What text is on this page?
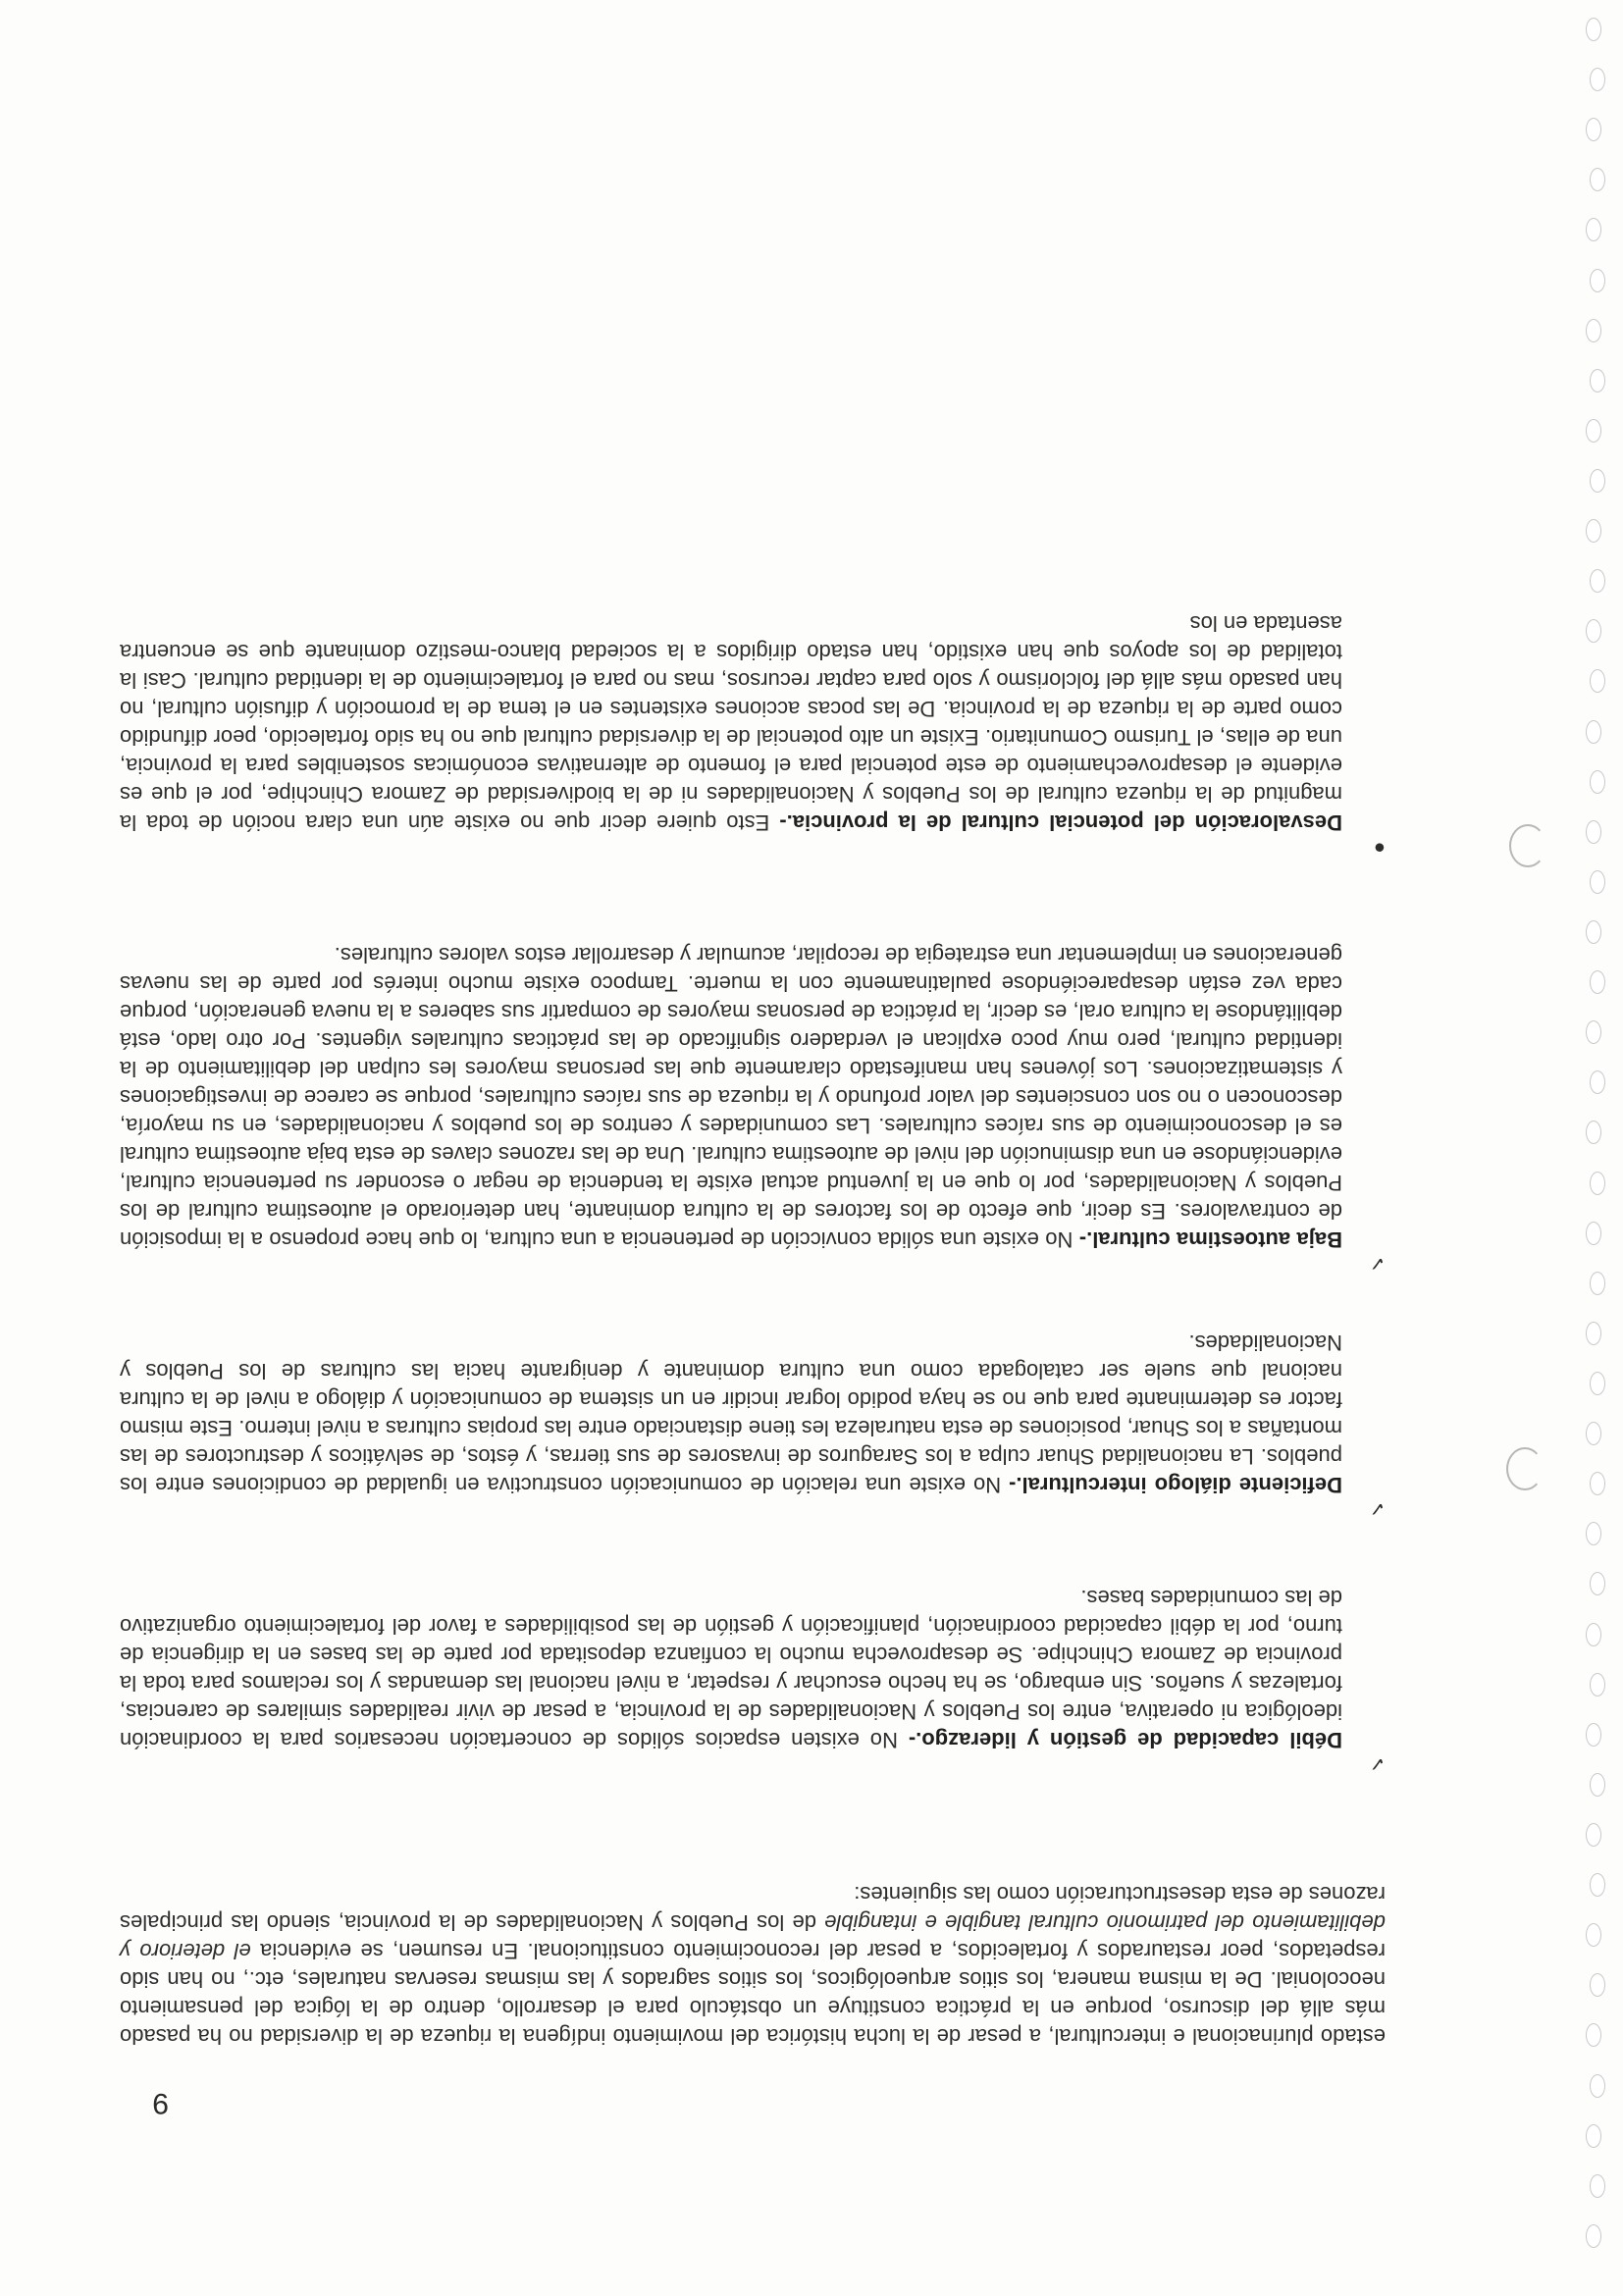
9

estado plurinacional e intercultural, a pesar de la lucha histórica del movimiento indígena la riqueza de la diversidad no ha pasado más allá del discurso, porque en la práctica constituye un obstáculo para el desarrollo, dentro de la lógica del pensamiento neocolonial. De la misma manera, los sitios arqueológicos, los sitios sagrados y las mismas reservas naturales, etc., no han sido respetados, peor restaurados y fortalecidos, a pesar del reconocimiento constitucional. En resumen, se evidencia el deterioro y debilitamiento del patrimonio cultural tangible e intangible de los Pueblos y Nacionalidades de la provincia, siendo las principales razones de esta desestructuración como las siguientes:

✓

Débil capacidad de gestión y liderazgo.- No existen espacios sólidos de concertación necesarios para la coordinación ideológica ni operativa, entre los Pueblos y Nacionalidades de la provincia, a pesar de vivir realidades similares de carencias, fortalezas y sueños. Sin embargo, se ha hecho escuchar y respetar, a nivel nacional las demandas y los reclamos para toda la provincia de Zamora Chinchipe. Se desaprovecha mucho la confianza depositada por parte de las bases en la dirigencia de turno, por la débil capacidad coordinación, planificación y gestión de las posibilidades a favor del fortalecimiento organizativo de las comunidades bases.

✓

Deficiente diálogo intercultural.- No existe una relación de comunicación constructiva en igualdad de condiciones entre los pueblos. La nacionalidad Shuar culpa a los Saraguros de invasores de sus tierras, y éstos, de selváticos y destructores de las montañas a los Shuar, posiciones de esta naturaleza les tiene distanciado entre las propias culturas a nivel interno. Este mismo factor es determinante para que no se haya podido lograr incidir en un sistema de comunicación y diálogo a nivel de la cultura nacional que suele ser catalogada como una cultura dominante y denigrante hacia las culturas de los Pueblos y Nacionalidades.

✓

Baja autoestima cultural.- No existe una sólida convicción de pertenencia a una cultura, lo que hace propenso a la imposición de contravalores. Es decir, que efecto de los factores de la cultura dominante, han deteriorado el autoestima cultural de los Pueblos y Nacionalidades, por lo que en la juventud actual existe la tendencia de negar o esconder su pertenencia cultural, evidenciándose en una disminución del nivel de autoestima cultural. Una de las razones claves de esta baja autoestima cultural es el desconocimiento de sus raíces culturales. Las comunidades y centros de los pueblos y nacionalidades, en su mayoría, desconocen o no son conscientes del valor profundo y la riqueza de sus raíces culturales, porque se carece de investigaciones y sistematizaciones. Los jóvenes han manifestado claramente que las personas mayores les culpan del debilitamiento de la identidad cultural, pero muy poco explican el verdadero significado de las prácticas culturales vigentes. Por otro lado, está debilitándose la cultura oral, es decir, la práctica de personas mayores de compartir sus saberes a la nueva generación, porque cada vez están desapareciéndose paulatinamente con la muerte. Tampoco existe mucho interés por parte de las nuevas generaciones en implementar una estrategia de recopilar, acumular y desarrollar estos valores culturales.

●

Desvaloración del potencial cultural de la provincia.- Esto quiere decir que no existe aún una clara noción de toda la magnitud de la riqueza cultural de los Pueblos y Nacionalidades ni de la biodiversidad de Zamora Chinchipe, por el que es evidente el desaprovechamiento de este potencial para el fomento de alternativas económicas sostenibles para la provincia, una de ellas, el Turismo Comunitario. Existe un alto potencial de la diversidad cultural que no ha sido fortalecido, peor difundido como parte de la riqueza de la provincia. De las pocas acciones existentes en el tema de la promoción y difusión cultural, no han pasado más allá del folclorismo y solo para captar recursos, mas no para el fortalecimiento de la identidad cultural. Casi la totalidad de los apoyos que han existido, han estado dirigidos a la sociedad blanco-mestizo dominante que se encuentra asentada en los
